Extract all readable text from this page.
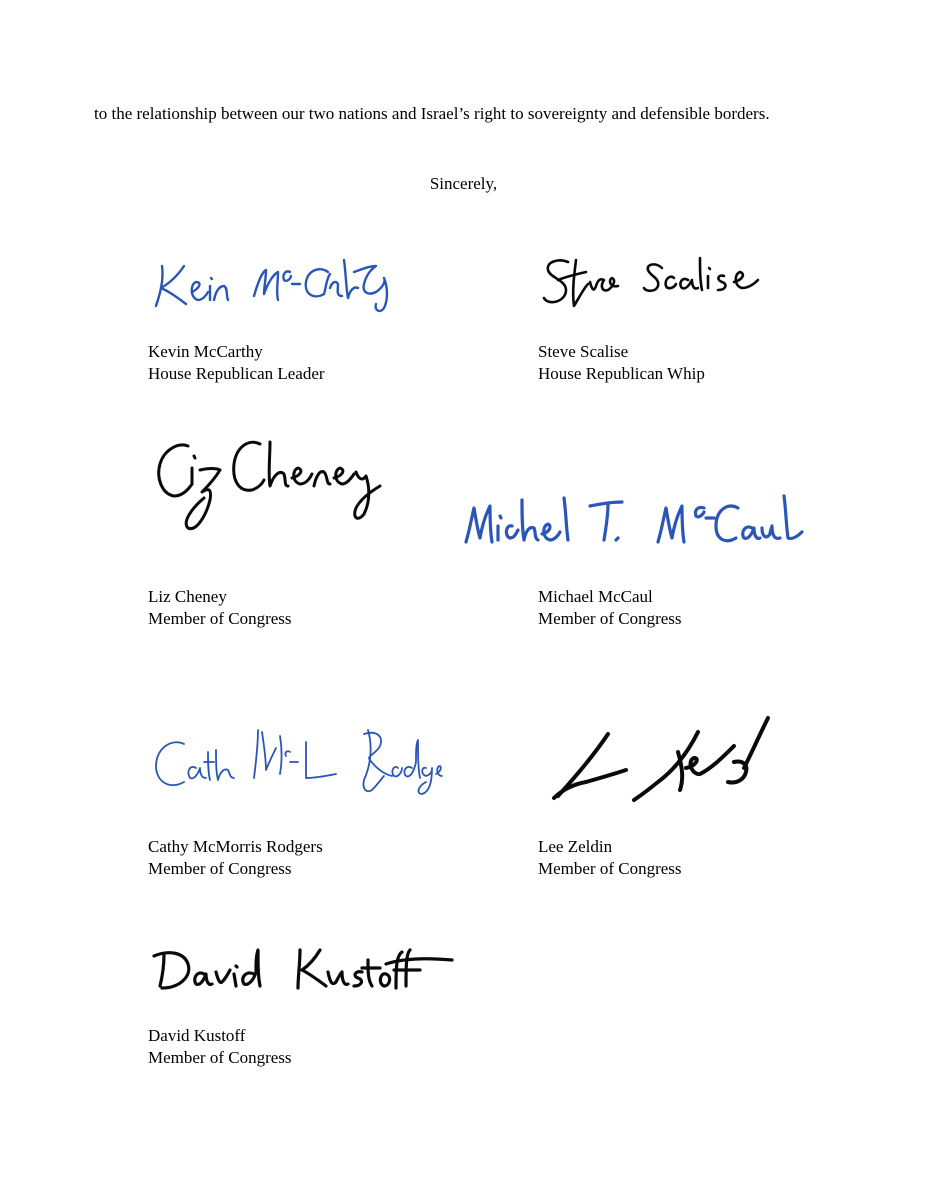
to the relationship between our two nations and Israel’s right to sovereignty and defensible borders.

Sincerely,
Kevin McCarthy
House Republican Leader
Steve Scalise
House Republican Whip
Liz Cheney
Member of Congress
Michael McCaul
Member of Congress
Cathy McMorris Rodgers
Member of Congress
Lee Zeldin
Member of Congress
David Kustoff
Member of Congress
